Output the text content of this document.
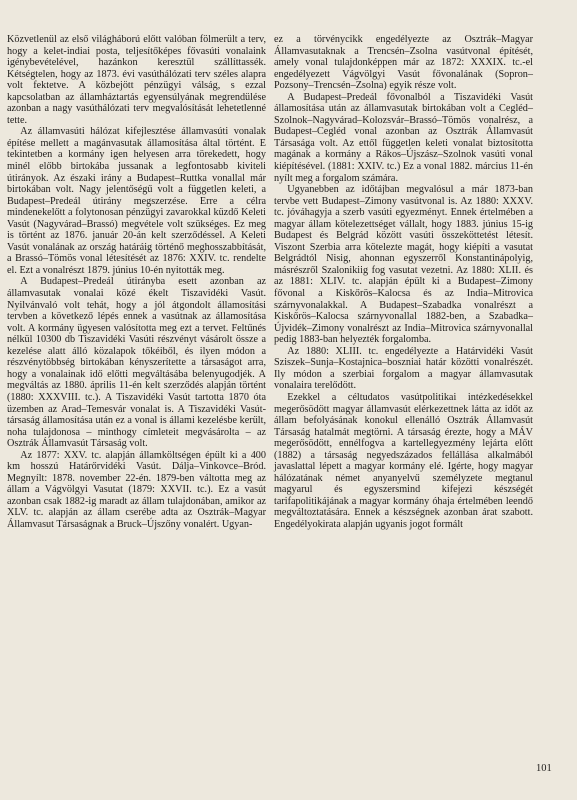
Közvetlenül az első világháború előtt valóban fölmerült a terv, hogy a kelet-indiai posta, teljesítőképes fővasúti vonalaink igénybevételével, hazánkon keresztül szállíttassék. Kétségtelen, hogy az 1873. évi vasúthálózati terv széles alapra volt fektetve. A közbejött pénzügyi válság, s ezzal kapcsolatban az államháztartás egyensúlyának megrendülése azonban a nagy vasúthálózati terv megvalósítását lehetetlenné tette.

Az államvasúti hálózat kifejlesztése államvasúti vonalak építése mellett a magánvasutak államosítása által történt. E tekintetben a kormány igen helyesen arra törekedett, hogy minél előbb birtokába jussanak a legfontosabb kiviteli útirányok. Az északi irány a Budapest–Ruttka vonallal már birtokában volt. Nagy jelentőségű volt a független keleti, a Budapest–Predeál útirány megszerzése. Erre a célra mindenekelőtt a folytonosan pénzügyi zavarokkal küzdő Keleti Vasút (Nagyvárad–Brassó) megvétele volt szükséges. Ez meg is történt az 1876. január 20-án kelt szerződéssel. A Keleti Vasút vonalának az ország határáig történő meghosszabbítását, a Brassó–Tömös vonal létesítését az 1876: XXIV. tc. rendelte el. Ezt a vonalrészt 1879. június 10-én nyitották meg.

A Budapest–Predeál útirányba esett azonban az államvasutak vonalai közé ékelt Tiszavidéki Vasút. Nyilvánvaló volt tehát, hogy a jól átgondolt államosítási tervben a következő lépés ennek a vasútnak az államosítása volt. A kormány ügyesen valósította meg ezt a tervet. Feltűnés nélkül 10300 db Tiszavidéki Vasúti részvényt vásárolt össze a kezelése alatt álló közalapok tőkéiből, és ilyen módon a részvénytöbbség birtokában kényszerítette a társaságot arra, hogy a vonalainak idő előtti megváltásába belenyugodjék. A megváltás az 1880. április 11-én kelt szerződés alapján történt (1880: XXXVIII. tc.). A Tiszavidéki Vasút tartotta 1870 óta üzemben az Arad–Temesvár vonalat is. A Tiszavidéki Vasút-társaság államosítása után ez a vonal is állami kezelésbe került, noha tulajdonosa – minthogy címleteit megvásárolta – az Osztrák Államvasút Társaság volt.

Az 1877: XXV. tc. alapján államköltségen épült ki a 400 km hosszú Határőrvidéki Vasút. Dálja–Vinkovce–Bród. Megnyílt: 1878. november 22-én. 1879-ben váltotta meg az állam a Vágvölgyi Vasutat (1879: XXVII. tc.). Ez a vasút azonban csak 1882-ig maradt az állam tulajdonában, amikor az XLV. tc. alapján az állam cserébe adta az Osztrák–Magyar Államvasut Társaságnak a Bruck–Újszőny vonalért. Ugyan-

ez a törvénycikk engedélyezte az Osztrák–Magyar Államvasutaknak a Trencsén–Zsolna vasútvonal építését, amely vonal tulajdonképpen már az 1872: XXXIX. tc.-el engedélyezett Vágvölgyi Vasút fővonalának (Sopron–Pozsony–Trencsén–Zsolna) egyik része volt.

A Budapest–Predeál fővonalból a Tiszavidéki Vasút államosítása után az államvasutak birtokában volt a Cegléd–Szolnok–Nagyvárad–Kolozsvár–Brassó–Tömös vonalrész, a Budapest–Cegléd vonal azonban az Osztrák Államvasút Társasága volt. Az ettől független keleti vonalat biztosította magának a kormány a Rákos–Újszász–Szolnok vasúti vonal kiépítésével. (1881: XXIV. tc.) Ez a vonal 1882. március 11-én nyílt meg a forgalom számára.

Ugyanebben az időtájban megvalósul a már 1873-ban tervbe vett Budapest–Zimony vasútvonal is. Az 1880: XXXV. tc. jóváhagyja a szerb vasúti egyezményt. Ennek értelmében a magyar állam kötelezettséget vállalt, hogy 1883. június 15-ig Budapest és Belgrád között vasúti összeköttetést létesít. Viszont Szerbia arra kötelezte magát, hogy kiépíti a vasutat Belgrádtól Nisig, ahonnan egyszerről Konstantinápolyig, másrészről Szalonikiig fog vasutat vezetni. Az 1880: XLII. és az 1881: XLIV. tc. alapján épült ki a Budapest–Zimony fővonal a Kiskőrös–Kalocsa és az India–Mitrovica szárnyvonalakkal. A Budapest–Szabadka vonalrészt a Kiskőrös–Kalocsa szárnyvonallal 1882-ben, a Szabadka–Újvidék–Zimony vonalrészt az India–Mitrovica szárnyvonallal pedig 1883-ban helyezték forgalomba.

Az 1880: XLIII. tc. engedélyezte a Határvidéki Vasút Sziszek–Sunja–Kostajnica–boszniai határ közötti vonalrészét. Ily módon a szerbiai forgalom a magyar államvasutak vonalaira terelődött.

Ezekkel a céltudatos vasútpolitikai intézkedésekkel megerősödött magyar államvasút elérkezettnek látta az időt az állam befolyásának konokul ellenálló Osztrák Államvasút Társaság hatalmát megtörni. A társaság érezte, hogy a MÁV megerősödött, ennélfogva a kartellegyezmény lejárta előtt (1882) a társaság negyedszázados fellállása alkalmából javaslattal lépett a magyar kormány elé. Igérte, hogy magyar hálózatának német anyanyelvű személyzete megtanul magyarul és egyszersmind kifejezi készségét tarifapolitikájának a magyar kormány óhaja értelmében leendő megváltoztatására. Ennek a készségnek azonban árat szabott. Engedélyokirata alapján ugyanis jogot formált

101
